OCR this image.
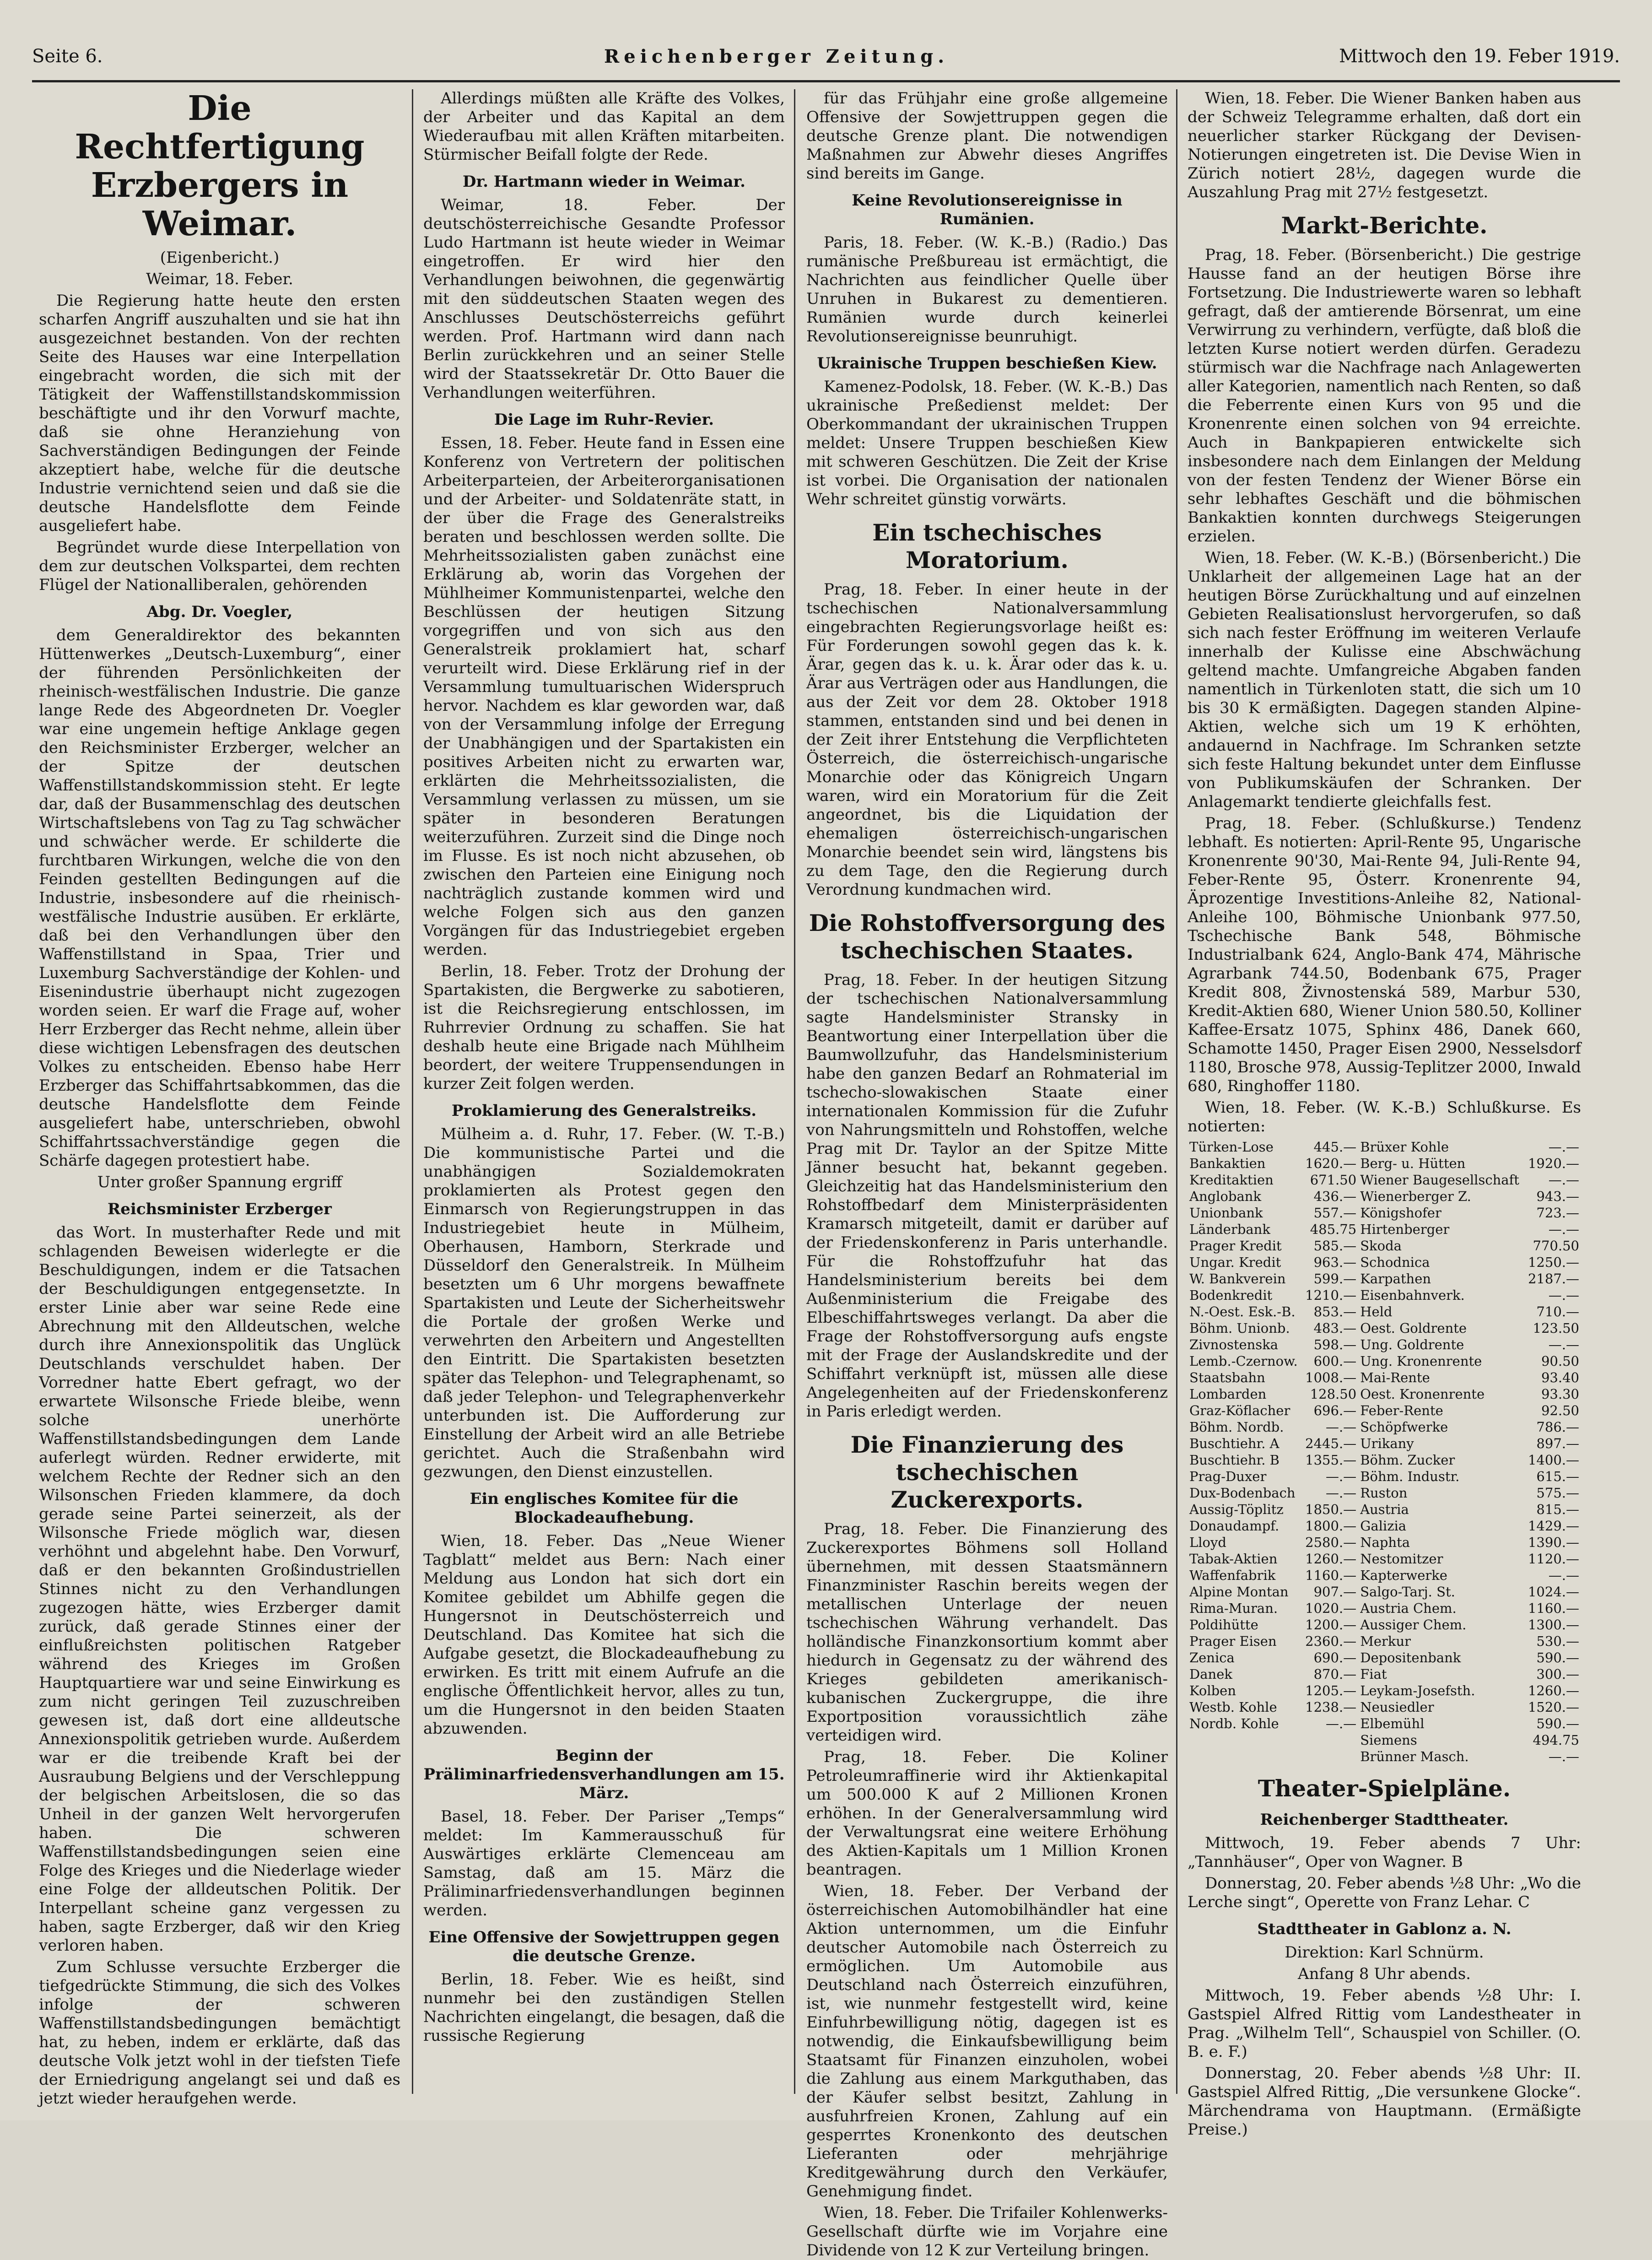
Seite 6.	Reichenberger Zeitung.	Mittwoch den 19. Feber 1919.
Die Rechtfertigung Erzbergers in Weimar.

(Eigenbericht.)

Weimar, 18. Feber.

Die Regierung hatte heute den ersten scharfen Angriff auszuhalten und sie hat ihn ausgezeichnet bestanden. Von der rechten Seite des Hauses war eine Interpellation eingebracht worden, die sich mit der Tätigkeit der Waffenstillstandskommission beschäftigte und ihr den Vorwurf machte, daß sie ohne Heranziehung von Sachverständigen Bedingungen der Feinde akzeptiert habe, welche für die deutsche Industrie vernichtend seien und daß sie die deutsche Handelsflotte dem Feinde ausgeliefert habe.

Begründet wurde diese Interpellation von dem zur deutschen Volkspartei, dem rechten Flügel der Nationalliberalen, gehörenden

Abg. Dr. Voegler,

dem Generaldirektor des bekannten Hüttenwerkes „Deutsch-Luxemburg“, einer der führenden Persönlichkeiten der rheinisch-westfälischen Industrie. Die ganze lange Rede des Abgeordneten Dr. Voegler war eine ungemein heftige Anklage gegen den Reichsminister Erzberger, welcher an der Spitze der deutschen Waffenstillstandskommission steht. Er legte dar, daß der Busammenschlag des deutschen Wirtschaftslebens von Tag zu Tag schwächer und schwächer werde. Er schilderte die furchtbaren Wirkungen, welche die von den Feinden gestellten Bedingungen auf die Industrie, insbesondere auf die rheinisch-westfälische Industrie ausüben. Er erklärte, daß bei den Verhandlungen über den Waffenstillstand in Spaa, Trier und Luxemburg Sachverständige der Kohlen- und Eisenindustrie überhaupt nicht zugezogen worden seien. Er warf die Frage auf, woher Herr Erzberger das Recht nehme, allein über diese wichtigen Lebensfragen des deutschen Volkes zu entscheiden. Ebenso habe Herr Erzberger das Schiffahrtsabkommen, das die deutsche Handelsflotte dem Feinde ausgeliefert habe, unterschrieben, obwohl Schiffahrtssachverständige gegen die Schärfe dagegen protestiert habe.

Unter großer Spannung ergriff

Reichsminister Erzberger

das Wort. In musterhafter Rede und mit schlagenden Beweisen widerlegte er die Beschuldigungen, indem er die Tatsachen der Beschuldigungen entgegensetzte. In erster Linie aber war seine Rede eine Abrechnung mit den Alldeutschen, welche durch ihre Annexionspolitik das Unglück Deutschlands verschuldet haben. Der Vorredner hatte Ebert gefragt, wo der erwartete Wilsonsche Friede bleibe, wenn solche unerhörte Waffenstillstandsbedingungen dem Lande auferlegt würden. Redner erwiderte, mit welchem Rechte der Redner sich an den Wilsonschen Frieden klammere, da doch gerade seine Partei seinerzeit, als der Wilsonsche Friede möglich war, diesen verhöhnt und abgelehnt habe. Den Vorwurf, daß er den bekannten Großindustriellen Stinnes nicht zu den Verhandlungen zugezogen hätte, wies Erzberger damit zurück, daß gerade Stinnes einer der einflußreichsten politischen Ratgeber während des Krieges im Großen Hauptquartiere war und seine Einwirkung es zum nicht geringen Teil zuzuschreiben gewesen ist, daß dort eine alldeutsche Annexionspolitik getrieben wurde. Außerdem war er die treibende Kraft bei der Ausraubung Belgiens und der Verschleppung der belgischen Arbeitslosen, die so das Unheil in der ganzen Welt hervorgerufen haben. Die schweren Waffenstillstandsbedingungen seien eine Folge des Krieges und die Niederlage wieder eine Folge der alldeutschen Politik. Der Interpellant scheine ganz vergessen zu haben, sagte Erzberger, daß wir den Krieg verloren haben.

Zum Schlusse versuchte Erzberger die tiefgedrückte Stimmung, die sich des Volkes infolge der schweren Waffenstillstandsbedingungen bemächtigt hat, zu heben, indem er erklärte, daß das deutsche Volk jetzt wohl in der tiefsten Tiefe der Erniedrigung angelangt sei und daß es jetzt wieder heraufgehen werde.

Allerdings müßten alle Kräfte des Volkes, der Arbeiter und das Kapital an dem Wiederaufbau mit allen Kräften mitarbeiten. Stürmischer Beifall folgte der Rede.

Dr. Hartmann wieder in Weimar.

Weimar, 18. Feber. Der deutschösterreichische Gesandte Professor Ludo Hartmann ist heute wieder in Weimar eingetroffen. Er wird hier den Verhandlungen beiwohnen, die gegenwärtig mit den süddeutschen Staaten wegen des Anschlusses Deutschösterreichs geführt werden. Prof. Hartmann wird dann nach Berlin zurückkehren und an seiner Stelle wird der Staatssekretär Dr. Otto Bauer die Verhandlungen weiterführen.

Die Lage im Ruhr-Revier.

Essen, 18. Feber. Heute fand in Essen eine Konferenz von Vertretern der politischen Arbeiterparteien, der Arbeiterorganisationen und der Arbeiter- und Soldatenräte statt, in der über die Frage des Generalstreiks beraten und beschlossen werden sollte. Die Mehrheitssozialisten gaben zunächst eine Erklärung ab, worin das Vorgehen der Mühlheimer Kommunistenpartei, welche den Beschlüssen der heutigen Sitzung vorgegriffen und von sich aus den Generalstreik proklamiert hat, scharf verurteilt wird. Diese Erklärung rief in der Versammlung tumultuarischen Widerspruch hervor. Nachdem es klar geworden war, daß von der Versammlung infolge der Erregung der Unabhängigen und der Spartakisten ein positives Arbeiten nicht zu erwarten war, erklärten die Mehrheitssozialisten, die Versammlung verlassen zu müssen, um sie später in besonderen Beratungen weiterzuführen. Zurzeit sind die Dinge noch im Flusse. Es ist noch nicht abzusehen, ob zwischen den Parteien eine Einigung noch nachträglich zustande kommen wird und welche Folgen sich aus den ganzen Vorgängen für das Industriegebiet ergeben werden.

Berlin, 18. Feber. Trotz der Drohung der Spartakisten, die Bergwerke zu sabotieren, ist die Reichsregierung entschlossen, im Ruhrrevier Ordnung zu schaffen. Sie hat deshalb heute eine Brigade nach Mühlheim beordert, der weitere Truppensendungen in kurzer Zeit folgen werden.

Proklamierung des Generalstreiks.

Mülheim a. d. Ruhr, 17. Feber. (W. T.-B.) Die kommunistische Partei und die unabhängigen Sozialdemokraten proklamierten als Protest gegen den Einmarsch von Regierungstruppen in das Industriegebiet heute in Mülheim, Oberhausen, Hamborn, Sterkrade und Düsseldorf den Generalstreik. In Mülheim besetzten um 6 Uhr morgens bewaffnete Spartakisten und Leute der Sicherheitswehr die Portale der großen Werke und verwehrten den Arbeitern und Angestellten den Eintritt. Die Spartakisten besetzten später das Telephon- und Telegraphenamt, so daß jeder Telephon- und Telegraphenverkehr unterbunden ist. Die Aufforderung zur Einstellung der Arbeit wird an alle Betriebe gerichtet. Auch die Straßenbahn wird gezwungen, den Dienst einzustellen.

Ein englisches Komitee für die Blockadeaufhebung.

Wien, 18. Feber. Das „Neue Wiener Tagblatt“ meldet aus Bern: Nach einer Meldung aus London hat sich dort ein Komitee gebildet um Abhilfe gegen die Hungersnot in Deutschösterreich und Deutschland. Das Komitee hat sich die Aufgabe gesetzt, die Blockadeaufhebung zu erwirken. Es tritt mit einem Aufrufe an die englische Öffentlichkeit hervor, alles zu tun, um die Hungersnot in den beiden Staaten abzuwenden.

Beginn der Präliminarfriedensverhandlungen am 15. März.

Basel, 18. Feber. Der Pariser „Temps“ meldet: Im Kammerausschuß für Auswärtiges erklärte Clemenceau am Samstag, daß am 15. März die Präliminarfriedensverhandlungen beginnen werden.

Eine Offensive der Sowjettruppen gegen die deutsche Grenze.

Berlin, 18. Feber. Wie es heißt, sind nunmehr bei den zuständigen Stellen Nachrichten eingelangt, die besagen, daß die russische Regierung

für das Frühjahr eine große allgemeine Offensive der Sowjettruppen gegen die deutsche Grenze plant. Die notwendigen Maßnahmen zur Abwehr dieses Angriffes sind bereits im Gange.

Keine Revolutionsereignisse in Rumänien.

Paris, 18. Feber. (W. K.-B.) (Radio.) Das rumänische Preßbureau ist ermächtigt, die Nachrichten aus feindlicher Quelle über Unruhen in Bukarest zu dementieren. Rumänien wurde durch keinerlei Revolutionsereignisse beunruhigt.

Ukrainische Truppen beschießen Kiew.

Kamenez-Podolsk, 18. Feber. (W. K.-B.) Das ukrainische Preßedienst meldet: Der Oberkommandant der ukrainischen Truppen meldet: Unsere Truppen beschießen Kiew mit schweren Geschützen. Die Zeit der Krise ist vorbei. Die Organisation der nationalen Wehr schreitet günstig vorwärts.

Ein tschechisches Moratorium.

Prag, 18. Feber. In einer heute in der tschechischen Nationalversammlung eingebrachten Regierungsvorlage heißt es: Für Forderungen sowohl gegen das k. k. Ärar, gegen das k. u. k. Ärar oder das k. u. Ärar aus Verträgen oder aus Handlungen, die aus der Zeit vor dem 28. Oktober 1918 stammen, entstanden sind und bei denen in der Zeit ihrer Entstehung die Verpflichteten Österreich, die österreichisch-ungarische Monarchie oder das Königreich Ungarn waren, wird ein Moratorium für die Zeit angeordnet, bis die Liquidation der ehemaligen österreichisch-ungarischen Monarchie beendet sein wird, längstens bis zu dem Tage, den die Regierung durch Verordnung kundmachen wird.

Die Rohstoffversorgung des tschechischen Staates.

Prag, 18. Feber. In der heutigen Sitzung der tschechischen Nationalversammlung sagte Handelsminister Stransky in Beantwortung einer Interpellation über die Baumwollzufuhr, das Handelsministerium habe den ganzen Bedarf an Rohmaterial im tschecho-slowakischen Staate einer internationalen Kommission für die Zufuhr von Nahrungsmitteln und Rohstoffen, welche Prag mit Dr. Taylor an der Spitze Mitte Jänner besucht hat, bekannt gegeben. Gleichzeitig hat das Handelsministerium den Rohstoffbedarf dem Ministerpräsidenten Kramarsch mitgeteilt, damit er darüber auf der Friedenskonferenz in Paris unterhandle. Für die Rohstoffzufuhr hat das Handelsministerium bereits bei dem Außenministerium die Freigabe des Elbeschiffahrtsweges verlangt. Da aber die Frage der Rohstoffversorgung aufs engste mit der Frage der Auslandskredite und der Schiffahrt verknüpft ist, müssen alle diese Angelegenheiten auf der Friedenskonferenz in Paris erledigt werden.

Die Finanzierung des tschechischen Zuckerexports.

Prag, 18. Feber. Die Finanzierung des Zuckerexportes Böhmens soll Holland übernehmen, mit dessen Staatsmännern Finanzminister Raschin bereits wegen der metallischen Unterlage der neuen tschechischen Währung verhandelt. Das holländische Finanzkonsortium kommt aber hiedurch in Gegensatz zu der während des Krieges gebildeten amerikanisch-kubanischen Zuckergruppe, die ihre Exportposition voraussichtlich zähe verteidigen wird.

Prag, 18. Feber. Die Koliner Petroleumraffinerie wird ihr Aktienkapital um 500.000 K auf 2 Millionen Kronen erhöhen. In der Generalversammlung wird der Verwaltungsrat eine weitere Erhöhung des Aktien-Kapitals um 1 Million Kronen beantragen.

Wien, 18. Feber. Der Verband der österreichischen Automobilhändler hat eine Aktion unternommen, um die Einfuhr deutscher Automobile nach Österreich zu ermöglichen. Um Automobile aus Deutschland nach Österreich einzuführen, ist, wie nunmehr festgestellt wird, keine Einfuhrbewilligung nötig, dagegen ist es notwendig, die Einkaufsbewilligung beim Staatsamt für Finanzen einzuholen, wobei die Zahlung aus einem Markguthaben, das der Käufer selbst besitzt, Zahlung in ausfuhrfreien Kronen, Zahlung auf ein gesperrtes Kronenkonto des deutschen Lieferanten oder mehrjährige Kreditgewährung durch den Verkäufer, Genehmigung findet.

Wien, 18. Feber. Die Trifailer Kohlenwerks-Gesellschaft dürfte wie im Vorjahre eine Dividende von 12 K zur Verteilung bringen.

Wien, 18. Feber. Die Wiener Banken haben aus der Schweiz Telegramme erhalten, daß dort ein neuerlicher starker Rückgang der Devisen-Notierungen eingetreten ist. Die Devise Wien in Zürich notiert 28½, dagegen wurde die Auszahlung Prag mit 27½ festgesetzt.

Markt-Berichte.

Prag, 18. Feber. (Börsenbericht.) Die gestrige Hausse fand an der heutigen Börse ihre Fortsetzung. Die Industriewerte waren so lebhaft gefragt, daß der amtierende Börsenrat, um eine Verwirrung zu verhindern, verfügte, daß bloß die letzten Kurse notiert werden dürfen. Geradezu stürmisch war die Nachfrage nach Anlagewerten aller Kategorien, namentlich nach Renten, so daß die Feberrente einen Kurs von 95 und die Kronenrente einen solchen von 94 erreichte. Auch in Bankpapieren entwickelte sich insbesondere nach dem Einlangen der Meldung von der festen Tendenz der Wiener Börse ein sehr lebhaftes Geschäft und die böhmischen Bankaktien konnten durchwegs Steigerungen erzielen.

Wien, 18. Feber. (W. K.-B.) (Börsenbericht.) Die Unklarheit der allgemeinen Lage hat an der heutigen Börse Zurückhaltung und auf einzelnen Gebieten Realisationslust hervorgerufen, so daß sich nach fester Eröffnung im weiteren Verlaufe innerhalb der Kulisse eine Abschwächung geltend machte. Umfangreiche Abgaben fanden namentlich in Türkenloten statt, die sich um 10 bis 30 K ermäßigten. Dagegen standen Alpine-Aktien, welche sich um 19 K erhöhten, andauernd in Nachfrage. Im Schranken setzte sich feste Haltung bekundet unter dem Einflusse von Publikumskäufen der Schranken. Der Anlagemarkt tendierte gleichfalls fest.

Prag, 18. Feber. (Schlußkurse.) Tendenz lebhaft. Es notierten: April-Rente 95, Ungarische Kronenrente 90'30, Mai-Rente 94, Juli-Rente 94, Feber-Rente 95, Österr. Kronenrente 94, Äprozentige Investitions-Anleihe 82, National-Anleihe 100, Böhmische Unionbank 977.50, Tschechische Bank 548, Böhmische Industrialbank 624, Anglo-Bank 474, Mährische Agrarbank 744.50, Bodenbank 675, Prager Kredit 808, Živnostenská 589, Marbur 530, Kredit-Aktien 680, Wiener Union 580.50, Kolliner Kaffee-Ersatz 1075, Sphinx 486, Danek 660, Schamotte 1450, Prager Eisen 2900, Nesselsdorf 1180, Brosche 978, Aussig-Teplitzer 2000, Inwald 680, Ringhoffer 1180.

Wien, 18. Feber. (W. K.-B.) Schlußkurse. Es notierten:

Türken-Lose	445.—	Brüxer Kohle	—.—
Bankaktien	1620.—	Berg- u. Hütten	1920.—
Kreditaktien	671.50	Wiener Baugesellschaft	—.—
Anglobank	436.—	Wienerberger Z.	943.—
Unionbank	557.—	Königshofer	723.—
Länderbank	485.75	Hirtenberger	—.—
Prager Kredit	585.—	Skoda	770.50
Ungar. Kredit	963.—	Schodnica	1250.—
W. Bankverein	599.—	Karpathen	2187.—
Bodenkredit	1210.—	Eisenbahnverk.	—.—
N.-Oest. Esk.-B.	853.—	Held	710.—
Böhm. Unionb.	483.—	Oest. Goldrente	123.50
Zivnostenska	598.—	Ung. Goldrente	—.—
Lemb.-Czernow.	600.—	Ung. Kronenrente	90.50
Staatsbahn	1008.—	Mai-Rente	93.40
Lombarden	128.50	Oest. Kronenrente	93.30
Graz-Köflacher	696.—	Feber-Rente	92.50
Böhm. Nordb.	—.—	Schöpfwerke	786.—
Buschtiehr. A	2445.—	Urikany	897.—
Buschtiehr. B	1355.—	Böhm. Zucker	1400.—
Prag-Duxer	—.—	Böhm. Industr.	615.—
Dux-Bodenbach	—.—	Ruston	575.—
Aussig-Töplitz	1850.—	Austria	815.—
Donaudampf.	1800.—	Galizia	1429.—
Lloyd	2580.—	Naphta	1390.—
Tabak-Aktien	1260.—	Nestomitzer	1120.—
Waffenfabrik	1160.—	Kapterwerke	—.—
Alpine Montan	907.—	Salgo-Tarj. St.	1024.—
Rima-Muran.	1020.—	Austria Chem.	1160.—
Poldihütte	1200.—	Aussiger Chem.	1300.—
Prager Eisen	2360.—	Merkur	530.—
Zenica	690.—	Depositenbank	590.—
Danek	870.—	Fiat	300.—
Kolben	1205.—	Leykam-Josefsth.	1260.—
Westb. Kohle	1238.—	Neusiedler	1520.—
Nordb. Kohle	—.—	Elbemühl	590.—
		Siemens	494.75
		Brünner Masch.	—.—
Theater-Spielpläne.
Reichenberger Stadttheater.

Mittwoch, 19. Feber abends 7 Uhr: „Tannhäuser“, Oper von Wagner. B

Donnerstag, 20. Feber abends ½8 Uhr: „Wo die Lerche singt“, Operette von Franz Lehar. C

Stadttheater in Gablonz a. N.

Direktion: Karl Schnürm.

Anfang 8 Uhr abends.

Mittwoch, 19. Feber abends ½8 Uhr: I. Gastspiel Alfred Rittig vom Landestheater in Prag. „Wilhelm Tell“, Schauspiel von Schiller. (O. B. e. F.)

Donnerstag, 20. Feber abends ½8 Uhr: II. Gastspiel Alfred Rittig, „Die versunkene Glocke“. Märchendrama von Hauptmann. (Ermäßigte Preise.)
